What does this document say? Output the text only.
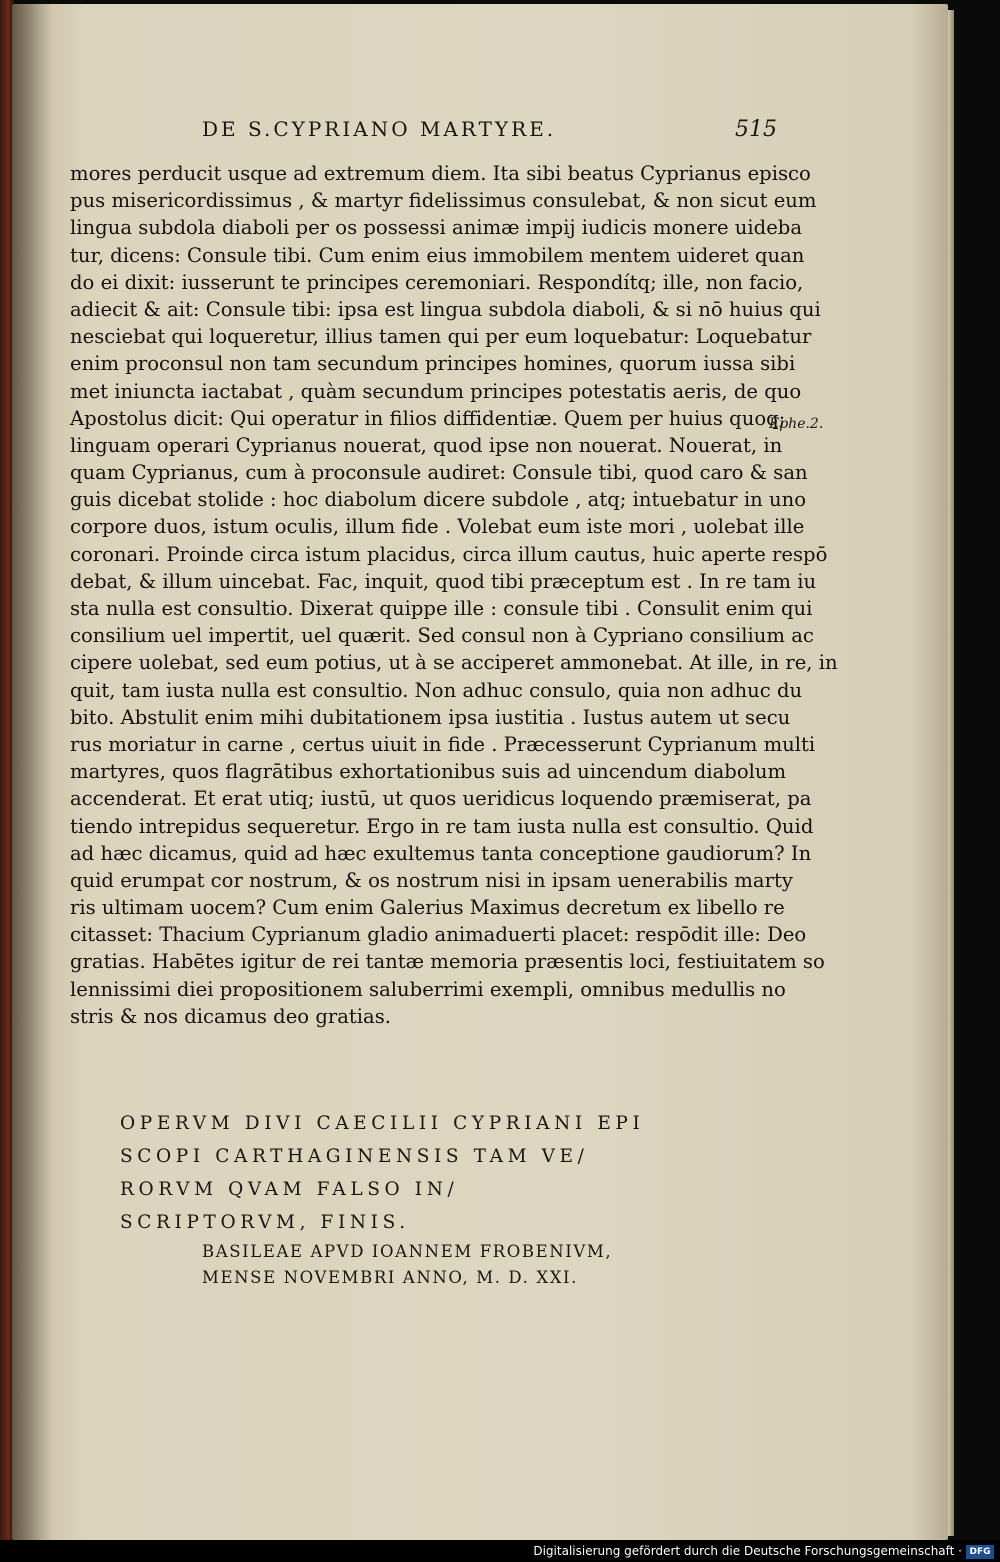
DE S.CYPRIANO MARTYRE.	515
Ephe.2.
mores perducit usque ad extremum diem. Ita sibi beatus Cyprianus episco
pus misericordissimus , & martyr fidelissimus consulebat, & non sicut eum
lingua subdola diaboli per os possessi animæ impij iudicis monere uideba
tur, dicens: Consule tibi. Cum enim eius immobilem mentem uideret quan
do ei dixit: iusserunt te principes ceremoniari. Respondítq; ille, non facio,
adiecit & ait: Consule tibi: ipsa est lingua subdola diaboli, & si nō huius qui
nesciebat qui loqueretur, illius tamen qui per eum loquebatur: Loquebatur
enim proconsul non tam secundum principes homines, quorum iussa sibi
met iniuncta iactabat , quàm secundum principes potestatis aeris, de quo
Apostolus dicit: Qui operatur in filios diffidentiæ. Quem per huius quoq;
linguam operari Cyprianus nouerat, quod ipse non nouerat. Nouerat, in
quam Cyprianus, cum à proconsule audiret: Consule tibi, quod caro & san
guis dicebat stolide : hoc diabolum dicere subdole , atq; intuebatur in uno
corpore duos, istum oculis, illum fide . Volebat eum iste mori , uolebat ille
coronari. Proinde circa istum placidus, circa illum cautus, huic aperte respō
debat, & illum uincebat. Fac, inquit, quod tibi præceptum est . In re tam iu
sta nulla est consultio. Dixerat quippe ille : consule tibi . Consulit enim qui
consilium uel impertit, uel quærit. Sed consul non à Cypriano consilium ac
cipere uolebat, sed eum potius, ut à se acciperet ammonebat. At ille, in re, in
quit, tam iusta nulla est consultio. Non adhuc consulo, quia non adhuc du
bito. Abstulit enim mihi dubitationem ipsa iustitia . Iustus autem ut secu
rus moriatur in carne , certus uiuit in fide . Præcesserunt Cyprianum multi
martyres, quos flagrātibus exhortationibus suis ad uincendum diabolum
accenderat. Et erat utiq; iustū, ut quos ueridicus loquendo præmiserat, pa
tiendo intrepidus sequeretur. Ergo in re tam iusta nulla est consultio. Quid
ad hæc dicamus, quid ad hæc exultemus tanta conceptione gaudiorum? In
quid erumpat cor nostrum, & os nostrum nisi in ipsam uenerabilis marty
ris ultimam uocem? Cum enim Galerius Maximus decretum ex libello re
citasset: Thacium Cyprianum gladio animaduerti placet: respōdit ille: Deo
gratias. Habētes igitur de rei tantæ memoria præsentis loci, festiuitatem so
lennissimi diei propositionem saluberrimi exempli, omnibus medullis no
stris & nos dicamus deo gratias.
OPERVM DIVI CAECILII CYPRIANI EPI
SCOPI CARTHAGINENSIS TAM VE/
RORVM QVAM FALSO IN/
SCRIPTORVM, FINIS.
BASILEAE APVD IOANNEM FROBENIVM,
MENSE NOVEMBRI ANNO, M. D. XXI.
Digitalisierung gefördert durch die Deutsche Forschungsgemeinschaft · DFG
